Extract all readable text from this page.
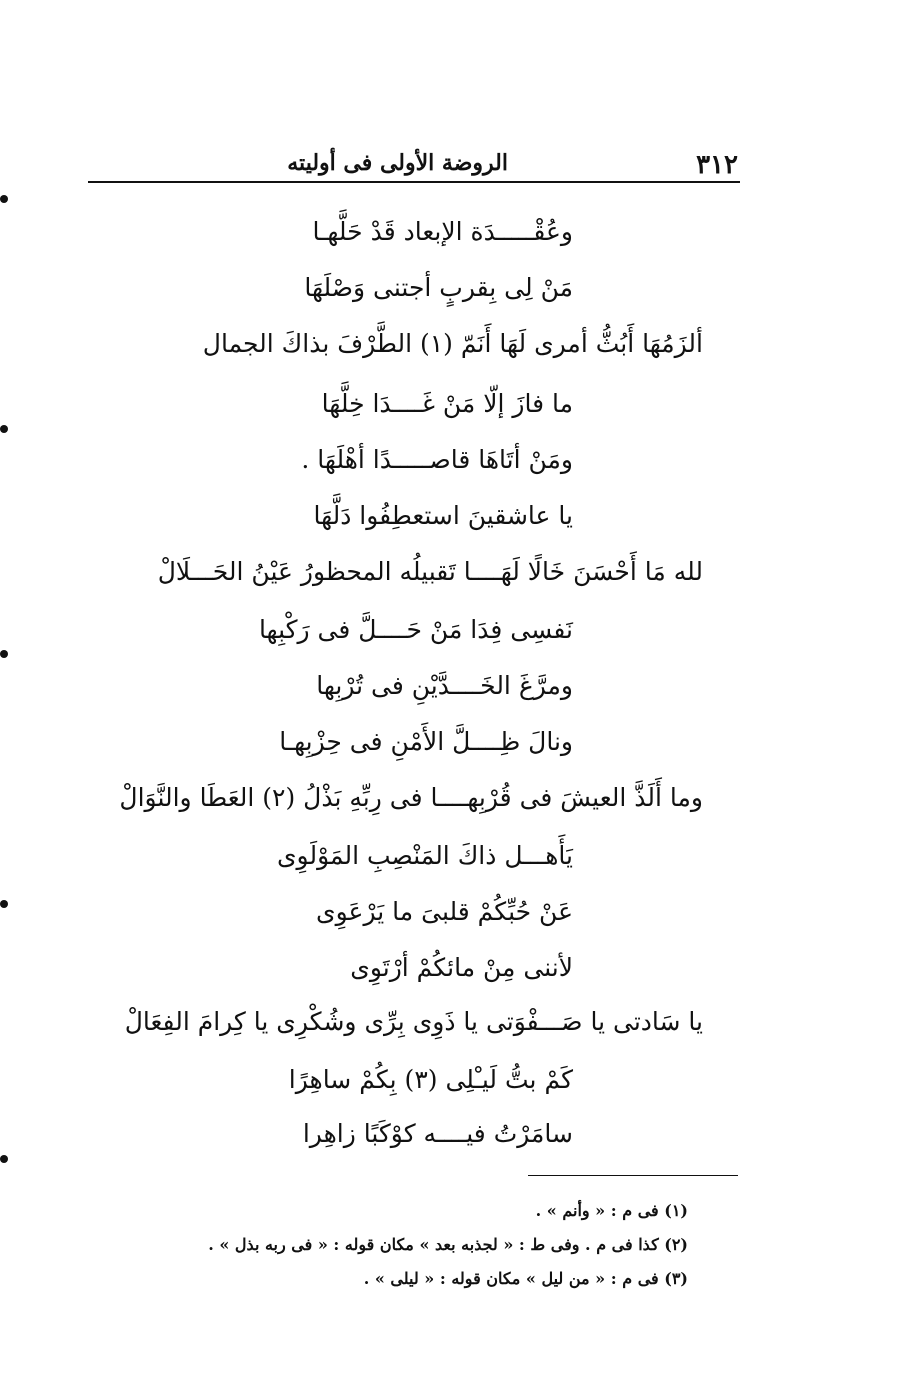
٣١٢
الروضة الأولى فى أوليته
وعُقْـــــدَة الإبعاد قَدْ حَلَّهـا
مَنْ لِى بِقربٍ أجتنى وَصْلَهَا
ألزَمُهَا أَبُثُّ أمرى لَهَا أَنَمّ (١) الطَّرْفَ بذاكَ الجمال
ما فازَ إلّا مَنْ غَــــدَا خِلَّهَا
ومَنْ أتَاهَا قاصـــــدًا أهْلَهَا .
يا عاشقينَ استعطِفُوا دَلَّهَا
لله مَا أَحْسَنَ خَالًا لَهَــــا تَقبيلُه المحظورُ عَيْنُ الحَـــلَالْ
نَفسِى فِدَا مَنْ حَــــلَّ فى رَكْبِها
ومرَّغَ الخَــــدَّيْنِ فى تُرْبِها
ونالَ ظِــــلَّ الأَمْنِ فى حِزْبِهـا
وما أَلَذَّ العيشَ فى قُرْبِهــــا فى رِبِّهِ بَذْلُ (٢) العَطَا والنَّوَالْ
يَأَهـــل ذاكَ المَنْصِبِ المَوْلَوِى
عَنْ حُبِّكُمْ قلبىَ ما يَرْعَوِى
لأننى مِنْ مائكُمْ أرْتَوِى
يا سَادتى يا صَـــفْوَتى يا ذَوِى بِرِّى وشُكْرِى يا كِرامَ الفِعَالْ
كَمْ بتُّ لَيـْلِى (٣) بِكُمْ ساهِرًا
سامَرْتُ فيــــه كوْكَبًا زاهِرا
(١) فى م : « وأنم » .
(٢) كذا فى م . وفى ط : « لجذبه بعد » مكان قوله : « فى ربه بذل » .
(٣) فى م : « من ليل » مكان قوله : « ليلى » .
